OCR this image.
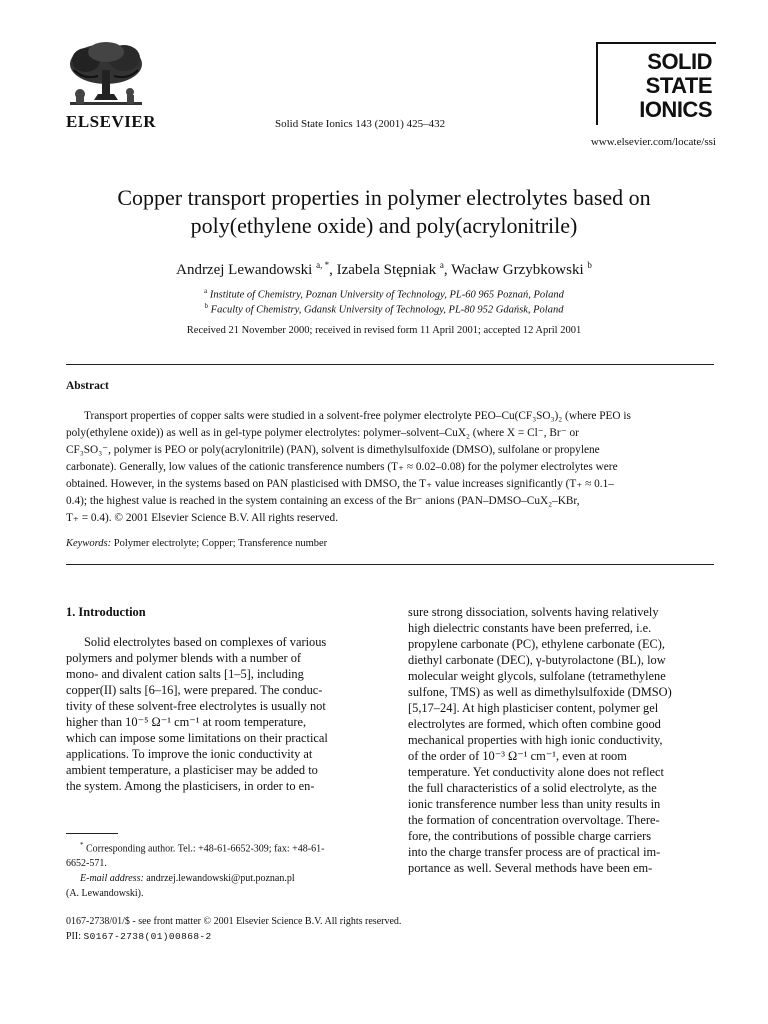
ELSEVIER	Solid State Ionics 143 (2001) 425–432
SOLID
STATE
IONICS
www.elsevier.com/locate/ssi
Copper transport properties in polymer electrolytes based on
poly(ethylene oxide) and poly(acrylonitrile)
Andrzej Lewandowski $^{a, *}$, Izabela Stępniak $^a$, Wacław Grzybkowski $^b$
$^a$ Institute of Chemistry, Poznan University of Technology, PL-60 965 Poznań, Poland
$^b$ Faculty of Chemistry, Gdansk University of Technology, PL-80 952 Gdańsk, Poland
Received 21 November 2000; received in revised form 11 April 2001; accepted 12 April 2001
Abstract
Transport properties of copper salts were studied in a solvent-free polymer electrolyte PEO–Cu(CF₃SO₃)₂ (where PEO is
poly(ethylene oxide)) as well as in gel-type polymer electrolytes: polymer–solvent–CuX₂ (where X = Cl⁻, Br⁻ or
CF₃SO₃⁻, polymer is PEO or poly(acrylonitrile) (PAN), solvent is dimethylsulfoxide (DMSO), sulfolane or propylene
carbonate). Generally, low values of the cationic transference numbers (T₊ ≈ 0.02–0.08) for the polymer electrolytes were
obtained. However, in the systems based on PAN plasticised with DMSO, the T₊ value increases significantly (T₊ ≈ 0.1–
0.4); the highest value is reached in the system containing an excess of the Br⁻ anions (PAN–DMSO–CuX₂–KBr,
T₊ = 0.4). © 2001 Elsevier Science B.V. All rights reserved.
Keywords: Polymer electrolyte; Copper; Transference number
1. Introduction
Solid electrolytes based on complexes of various
polymers and polymer blends with a number of
mono- and divalent cation salts [1–5], including
copper(II) salts [6–16], were prepared. The conduc-
tivity of these solvent-free electrolytes is usually not
higher than 10⁻⁵ Ω⁻¹ cm⁻¹ at room temperature,
which can impose some limitations on their practical
applications. To improve the ionic conductivity at
ambient temperature, a plasticiser may be added to
the system. Among the plasticisers, in order to en-
* Corresponding author. Tel.: +48-61-6652-309; fax: +48-61-
6652-571.
E-mail address: andrzej.lewandowski@put.poznan.pl
(A. Lewandowski).
sure strong dissociation, solvents having relatively
high dielectric constants have been preferred, i.e.
propylene carbonate (PC), ethylene carbonate (EC),
diethyl carbonate (DEC), γ-butyrolactone (BL), low
molecular weight glycols, sulfolane (tetramethylene
sulfone, TMS) as well as dimethylsulfoxide (DMSO)
[5,17–24]. At high plasticiser content, polymer gel
electrolytes are formed, which often combine good
mechanical properties with high ionic conductivity,
of the order of 10⁻³ Ω⁻¹ cm⁻¹, even at room
temperature. Yet conductivity alone does not reflect
the full characteristics of a solid electrolyte, as the
ionic transference number less than unity results in
the formation of concentration overvoltage. There-
fore, the contributions of possible charge carriers
into the charge transfer process are of practical im-
portance as well. Several methods have been em-
0167-2738/01/$ - see front matter © 2001 Elsevier Science B.V. All rights reserved.
PII: S0167-2738(01)00868-2
